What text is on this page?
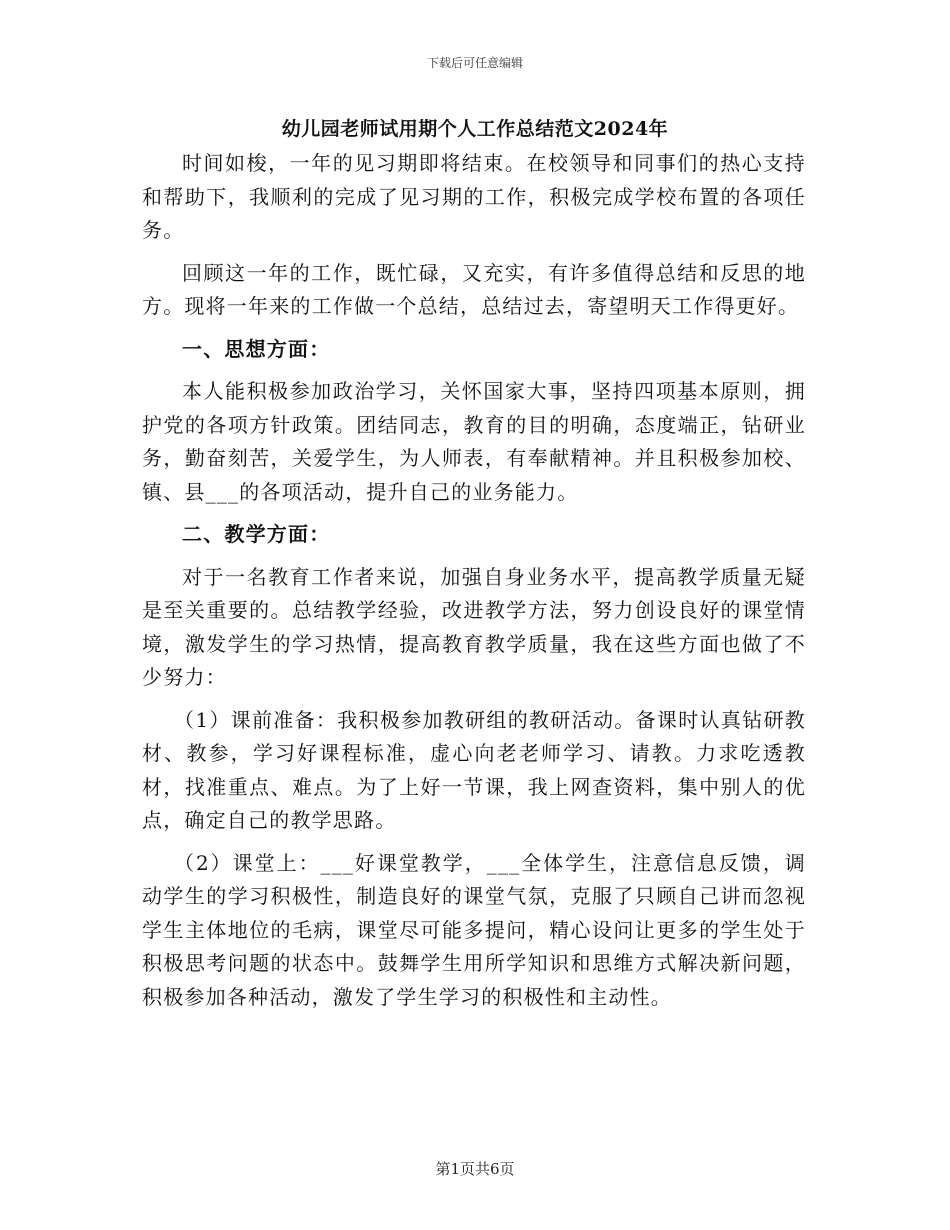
下载后可任意编辑
幼儿园老师试用期个人工作总结范文2024年

时间如梭，一年的见习期即将结束。在校领导和同事们的热心支持和帮助下，我顺利的完成了见习期的工作，积极完成学校布置的各项任务。

回顾这一年的工作，既忙碌，又充实，有许多值得总结和反思的地方。现将一年来的工作做一个总结，总结过去，寄望明天工作得更好。

一、思想方面：

本人能积极参加政治学习，关怀国家大事，坚持四项基本原则，拥护党的各项方针政策。团结同志，教育的目的明确，态度端正，钻研业务，勤奋刻苦，关爱学生，为人师表，有奉献精神。并且积极参加校、镇、县___的各项活动，提升自己的业务能力。

二、教学方面：

对于一名教育工作者来说，加强自身业务水平，提高教学质量无疑是至关重要的。总结教学经验，改进教学方法，努力创设良好的课堂情境，激发学生的学习热情，提高教育教学质量，我在这些方面也做了不少努力：

（1）课前准备：我积极参加教研组的教研活动。备课时认真钻研教材、教参，学习好课程标准，虚心向老老师学习、请教。力求吃透教材，找准重点、难点。为了上好一节课，我上网查资料，集中别人的优点，确定自己的教学思路。

（2）课堂上：___好课堂教学，___全体学生，注意信息反馈，调动学生的学习积极性，制造良好的课堂气氛，克服了只顾自己讲而忽视学生主体地位的毛病，课堂尽可能多提问，精心设问让更多的学生处于积极思考问题的状态中。鼓舞学生用所学知识和思维方式解决新问题，积极参加各种活动，激发了学生学习的积极性和主动性。

第1页共6页
